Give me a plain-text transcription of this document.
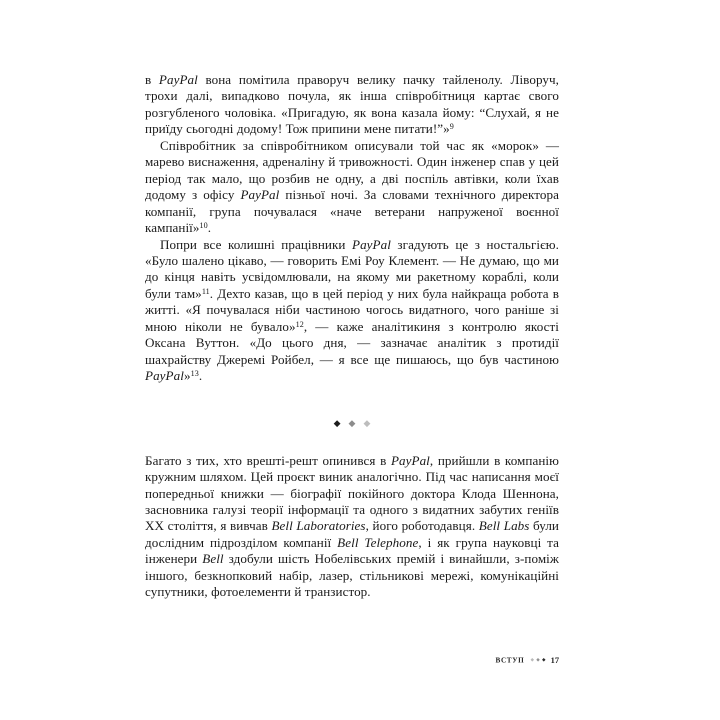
в PayPal вона помітила праворуч велику пачку тайленолу. Ліворуч, трохи далі, випадково почула, як інша співробітниця картає свого розгубленого чоловіка. «Пригадую, як вона казала йому: “Слухай, я не приїду сьогодні додому! Тож припини мене питати!”»$^9$

Співробітник за співробітником описували той час як «морок» — марево виснаження, адреналіну й тривожності. Один інженер спав у цей період так мало, що розбив не одну, а дві поспіль автівки, коли їхав додому з офісу PayPal пізньої ночі. За словами технічного директора компанії, група почувалася «наче ветерани напруженої воєнної кампанії»$^{10}$.

Попри все колишні працівники PayPal згадують це з ностальгією. «Було шалено цікаво, — говорить Емі Роу Клемент. — Не думаю, що ми до кінця навіть усвідомлювали, на якому ми ракетному кораблі, коли були там»$^{11}$. Дехто казав, що в цей період у них була найкраща робота в житті. «Я почувалася ніби частиною чогось видатного, чого раніше зі мною ніколи не бувало»$^{12}$, — каже аналітикиня з контролю якості Оксана Вуттон. «До цього дня, — зазначає аналітик з протидії шахрайству Джеремі Ройбел, — я все ще пишаюсь, що був частиною PayPal»$^{13}$.

◆ ◆ ◆

Багато з тих, хто врешті-решт опинився в PayPal, прийшли в компанію кружним шляхом. Цей проєкт виник аналогічно. Під час написання моєї попередньої книжки — біографії покійного доктора Клода Шеннона, засновника галузі теорії інформації та одного з видатних забутих геніїв XX століття, я вивчав Bell Laboratories, його роботодавця. Bell Labs були дослідним підрозділом компанії Bell Telephone, і як група науковці та інженери Bell здобули шість Нобелівських премій і винайшли, з-поміж іншого, безкнопковий набір, лазер, стільникові мережі, комунікаційні супутники, фотоелементи й транзистор.

ВСТУП ◆ ◆ ◆ 17
